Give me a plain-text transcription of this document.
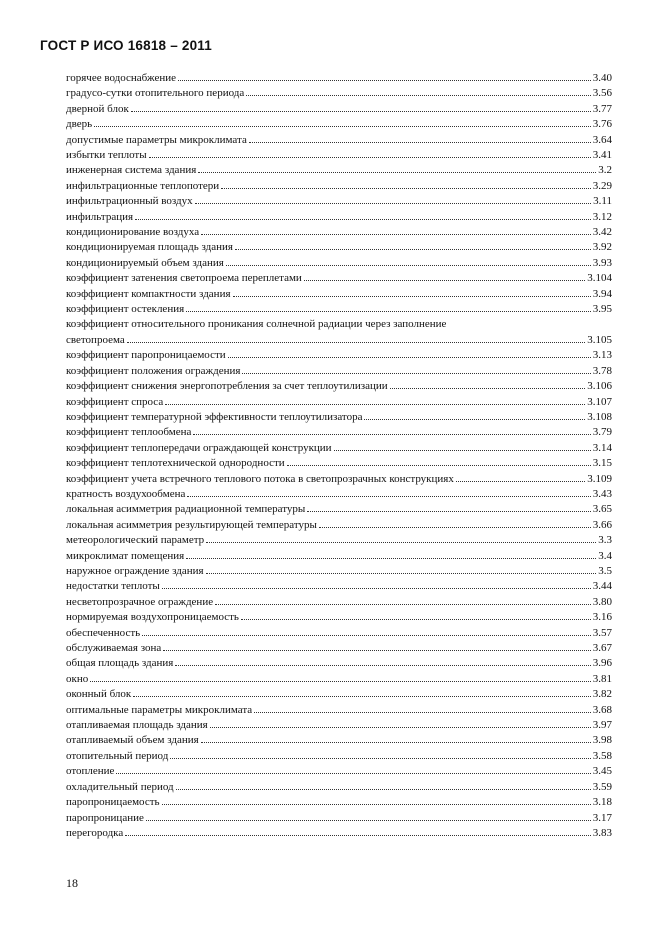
ГОСТ Р ИСО 16818 – 2011
горячее водоснабжение	3.40
градусо-сутки отопительного периода	3.56
дверной блок	3.77
дверь	3.76
допустимые параметры микроклимата	3.64
избытки теплоты	3.41
инженерная система здания	3.2
инфильтрационные теплопотери	3.29
инфильтрационный воздух	3.11
инфильтрация	3.12
кондиционирование воздуха	3.42
кондиционируемая площадь здания	3.92
кондиционируемый объем здания	3.93
коэффициент затенения светопроема переплетами	3.104
коэффициент компактности здания	3.94
коэффициент остекления	3.95
коэффициент относительного проникания солнечной радиации через заполнение
светопроема	3.105
коэффициент паропроницаемости	3.13
коэффициент положения ограждения	3.78
коэффициент снижения энергопотребления за счет теплоутилизации	3.106
коэффициент спроса	3.107
коэффициент температурной эффективности теплоутилизатора	3.108
коэффициент теплообмена	3.79
коэффициент теплопередачи ограждающей конструкции	3.14
коэффициент теплотехнической однородности	3.15
коэффициент учета встречного теплового потока в светопрозрачных конструкциях	3.109
кратность воздухообмена	3.43
локальная асимметрия радиационной температуры	3.65
локальная асимметрия результирующей температуры	3.66
метеорологический параметр	3.3
микроклимат помещения	3.4
наружное ограждение здания	3.5
недостатки теплоты	3.44
несветопрозрачное ограждение	3.80
нормируемая воздухопроницаемость	3.16
обеспеченность	3.57
обслуживаемая зона	3.67
общая площадь здания	3.96
окно	3.81
оконный блок	3.82
оптимальные параметры микроклимата	3.68
отапливаемая площадь здания	3.97
отапливаемый объем здания	3.98
отопительный период	3.58
отопление	3.45
охладительный период	3.59
паропроницаемость	3.18
паропроницание	3.17
перегородка	3.83
18
